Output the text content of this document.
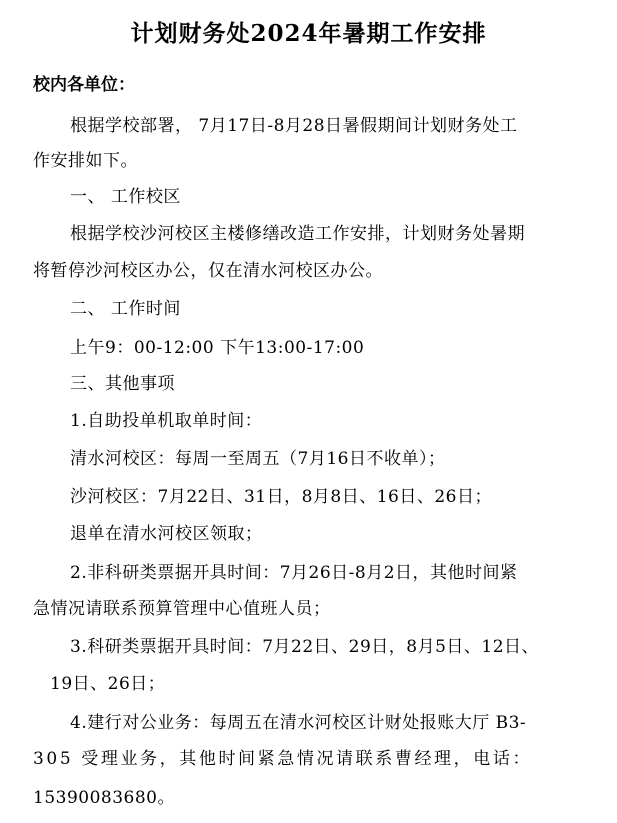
计划财务处2024年暑期工作安排
校内各单位：
根据学校部署， 7月17日-8月28日暑假期间计划财务处工
作安排如下。
一、 工作校区
根据学校沙河校区主楼修缮改造工作安排，计划财务处暑期
将暂停沙河校区办公，仅在清水河校区办公。
二、 工作时间
上午9：00-12:00 下午13:00-17:00
三、其他事项
1.自助投单机取单时间：
清水河校区：每周一至周五（7月16日不收单）；
沙河校区：7月22日、31日，8月8日、16日、26日；
退单在清水河校区领取；
2.非科研类票据开具时间：7月26日-8月2日，其他时间紧
急情况请联系预算管理中心值班人员；
3.科研类票据开具时间：7月22日、29日，8月5日、12日、
19日、26日；
4.建行对公业务：每周五在清水河校区计财处报账大厅 B3-
305 受理业务，其他时间紧急情况请联系曹经理，电话：
15390083680。
